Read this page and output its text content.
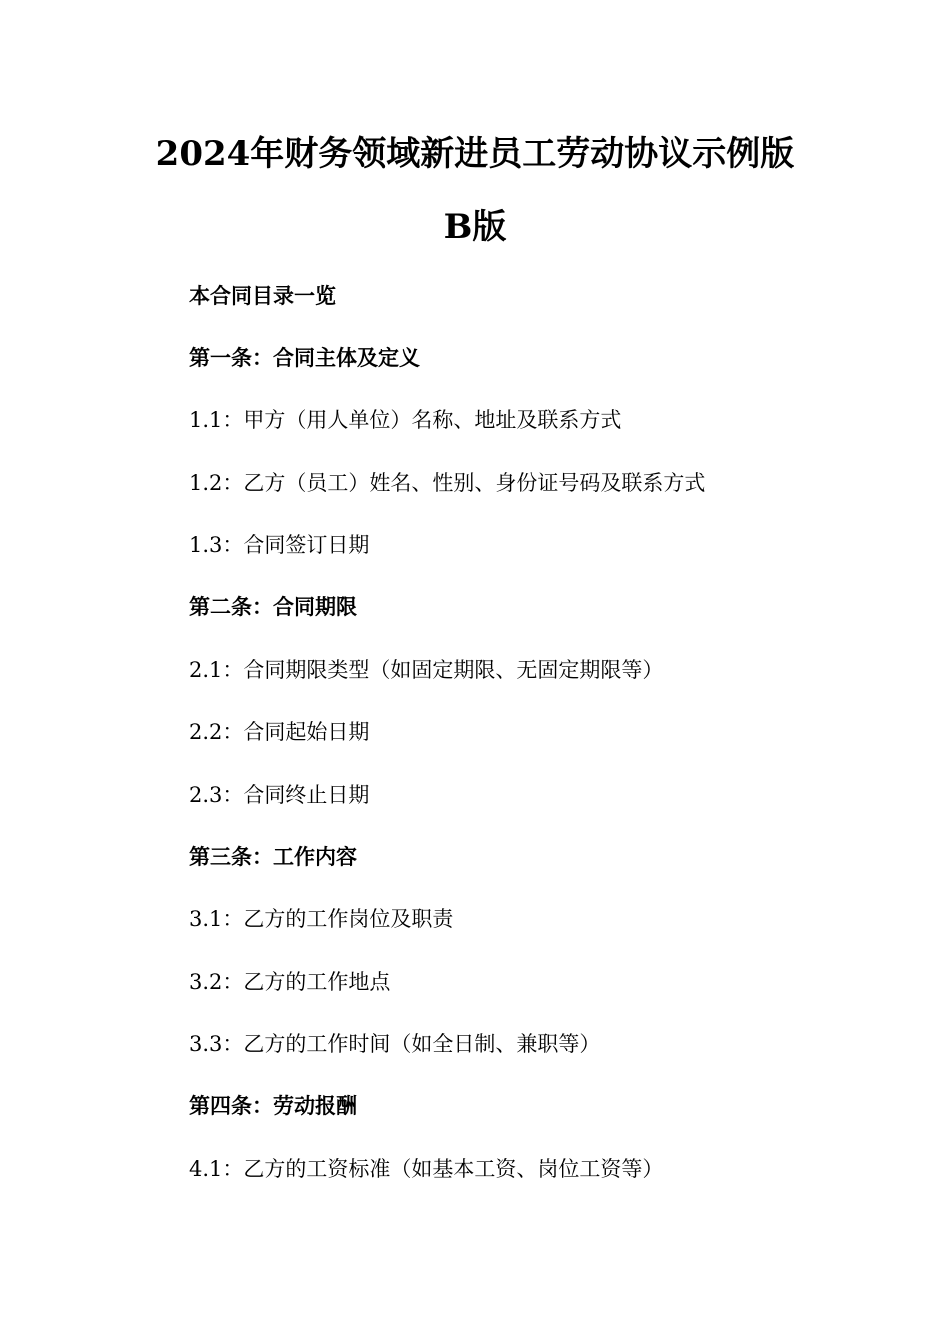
2024年财务领域新进员工劳动协议示例版
B版
本合同目录一览
第一条：合同主体及定义
1.1：甲方（用人单位）名称、地址及联系方式
1.2：乙方（员工）姓名、性别、身份证号码及联系方式
1.3：合同签订日期
第二条：合同期限
2.1：合同期限类型（如固定期限、无固定期限等）
2.2：合同起始日期
2.3：合同终止日期
第三条：工作内容
3.1：乙方的工作岗位及职责
3.2：乙方的工作地点
3.3：乙方的工作时间（如全日制、兼职等）
第四条：劳动报酬
4.1：乙方的工资标准（如基本工资、岗位工资等）
